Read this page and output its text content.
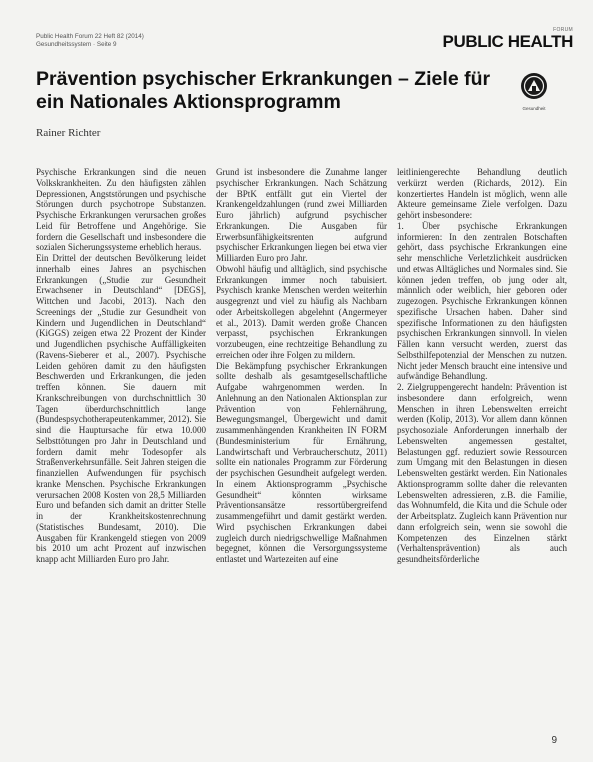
Public Health Forum 22 Heft 82 (2014)
Gesundheitssystem · Seite 9
FORUM
PUBLIC HEALTH
Gesundheit
Prävention psychischer Erkrankungen – Ziele für ein Nationales Aktionsprogramm
Rainer Richter

Psychische Erkrankungen sind die neuen Volkskrankheiten. Zu den häufigsten zählen Depressionen, Angststörungen und psychische Störungen durch psychotrope Substanzen. Psychische Erkrankungen verursachen großes Leid für Betroffene und Angehörige. Sie fordern die Gesellschaft und insbesondere die sozialen Sicherungssysteme erheblich heraus.

Ein Drittel der deutschen Bevölkerung leidet innerhalb eines Jahres an psychischen Erkrankungen („Studie zur Gesundheit Erwachsener in Deutschland“ [DEGS], Wittchen und Jacobi, 2013). Nach den Screenings der „Studie zur Gesundheit von Kindern und Jugendlichen in Deutschland“ (KiGGS) zeigen etwa 22 Prozent der Kinder und Jugendlichen psychische Auffälligkeiten (Ravens-Sieberer et al., 2007). Psychische Leiden gehören damit zu den häufigsten Beschwerden und Erkrankungen, die jeden treffen können. Sie dauern mit Krankschreibungen von durchschnittlich 30 Tagen überdurchschnittlich lange (Bundespsychotherapeutenkammer, 2012). Sie sind die Hauptursache für etwa 10.000 Selbsttötungen pro Jahr in Deutschland und fordern damit mehr Todesopfer als Straßenverkehrsunfälle. Seit Jahren steigen die finanziellen Aufwendungen für psychisch kranke Menschen. Psychische Erkrankungen verursachen 2008 Kosten von 28,5 Milliarden Euro und befanden sich damit an dritter Stelle in der Krankheitskostenrechnung (Statistisches Bundesamt, 2010). Die Ausgaben für Krankengeld stiegen von 2009 bis 2010 um acht Prozent auf inzwischen knapp acht Milliarden Euro pro Jahr.

Grund ist insbesondere die Zunahme langer psychischer Erkrankungen. Nach Schätzung der BPtK entfällt gut ein Viertel der Krankengeldzahlungen (rund zwei Milliarden Euro jährlich) aufgrund psychischer Erkrankungen. Die Ausgaben für Erwerbsunfähigkeitsrenten aufgrund psychischer Erkrankungen liegen bei etwa vier Milliarden Euro pro Jahr.

Obwohl häufig und alltäglich, sind psychische Erkrankungen immer noch tabuisiert. Psychisch kranke Menschen werden weiterhin ausgegrenzt und viel zu häufig als Nachbarn oder Arbeitskollegen abgelehnt (Angermeyer et al., 2013). Damit werden große Chancen verpasst, psychischen Erkrankungen vorzubeugen, eine rechtzeitige Behandlung zu erreichen oder ihre Folgen zu mildern.

Die Bekämpfung psychischer Erkrankungen sollte deshalb als gesamtgesellschaftliche Aufgabe wahrgenommen werden. In Anlehnung an den Nationalen Aktionsplan zur Prävention von Fehlernährung, Bewegungsmangel, Übergewicht und damit zusammenhängenden Krankheiten IN FORM (Bundesministerium für Ernährung, Landwirtschaft und Verbraucherschutz, 2011) sollte ein nationales Programm zur Förderung der psychischen Gesundheit aufgelegt werden. In einem Aktionsprogramm „Psychische Gesundheit“ könnten wirksame Präventionsansätze ressortübergreifend zusammengeführt und damit gestärkt werden. Wird psychischen Erkrankungen dabei zugleich durch niedrigschwellige Maßnahmen begegnet, können die Versorgungssysteme entlastet und Wartezeiten auf eine

leitliniengerechte Behandlung deutlich verkürzt werden (Richards, 2012). Ein konzertiertes Handeln ist möglich, wenn alle Akteure gemeinsame Ziele verfolgen. Dazu gehört insbesondere:

1. Über psychische Erkrankungen informieren: In den zentralen Botschaften gehört, dass psychische Erkrankungen eine sehr menschliche Verletzlichkeit ausdrücken und etwas Alltägliches und Normales sind. Sie können jeden treffen, ob jung oder alt, männlich oder weiblich, hier geboren oder zugezogen. Psychische Erkrankungen können spezifische Ursachen haben. Daher sind spezifische Informationen zu den häufigsten psychischen Erkrankungen sinnvoll. In vielen Fällen kann versucht werden, zuerst das Selbsthilfepotenzial der Menschen zu nutzen. Nicht jeder Mensch braucht eine intensive und aufwändige Behandlung.

2. Zielgruppengerecht handeln: Prävention ist insbesondere dann erfolgreich, wenn Menschen in ihren Lebenswelten erreicht werden (Kolip, 2013). Vor allem dann können psychosoziale Anforderungen innerhalb der Lebenswelten angemessen gestaltet, Belastungen ggf. reduziert sowie Ressourcen zum Umgang mit den Belastungen in diesen Lebenswelten gestärkt werden. Ein Nationales Aktionsprogramm sollte daher die relevanten Lebenswelten adressieren, z.B. die Familie, das Wohnumfeld, die Kita und die Schule oder der Arbeitsplatz. Zugleich kann Prävention nur dann erfolgreich sein, wenn sie sowohl die Kompetenzen des Einzelnen stärkt (Verhaltensprävention) als auch gesundheitsförderliche

9
